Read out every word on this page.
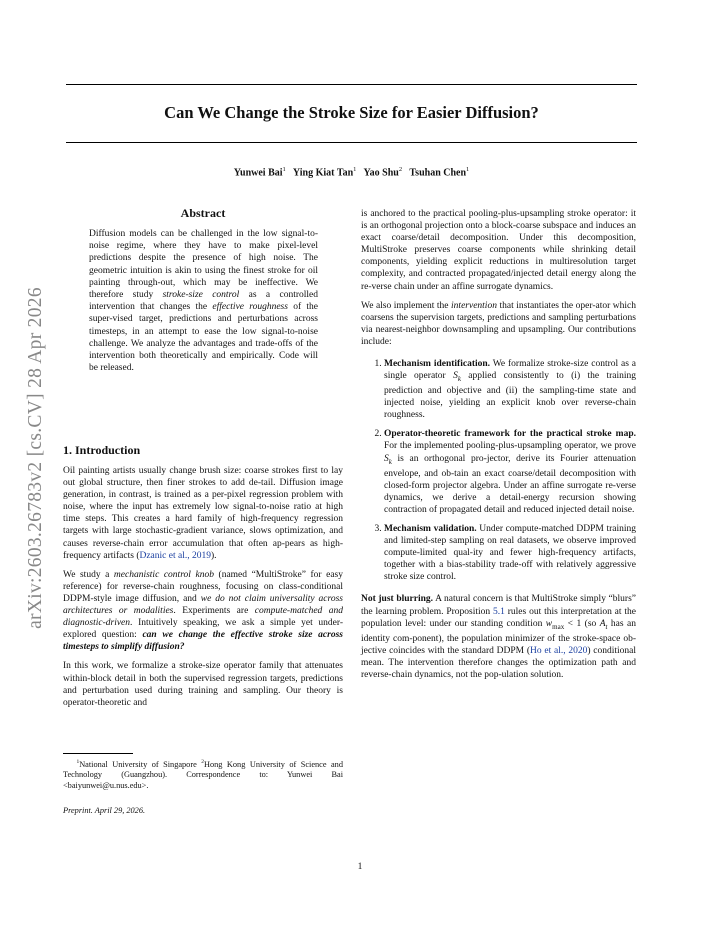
arXiv:2603.26783v2 [cs.CV] 28 Apr 2026
Can We Change the Stroke Size for Easier Diffusion?
Yunwei Bai$^1$ Ying Kiat Tan$^1$ Yao Shu$^2$ Tsuhan Chen$^1$
Abstract
Diffusion models can be challenged in the low signal-to-noise regime, where they have to make pixel-level predictions despite the presence of high noise. The geometric intuition is akin to using the finest stroke for oil painting through-out, which may be ineffective. We therefore study stroke-size control as a controlled intervention that changes the effective roughness of the super-vised target, predictions and perturbations across timesteps, in an attempt to ease the low signal-to-noise challenge. We analyze the advantages and trade-offs of the intervention both theoretically and empirically. Code will be released.
1. Introduction

Oil painting artists usually change brush size: coarse strokes first to lay out global structure, then finer strokes to add de-tail. Diffusion image generation, in contrast, is trained as a per-pixel regression problem with noise, where the input has extremely low signal-to-noise ratio at high time steps. This creates a hard family of high-frequency regression targets with large stochastic-gradient variance, slows optimization, and causes reverse-chain error accumulation that often ap-pears as high-frequency artifacts (Dzanic et al., 2019).

We study a mechanistic control knob (named “MultiStroke” for easy reference) for reverse-chain roughness, focusing on class-conditional DDPM-style image diffusion, and we do not claim universality across architectures or modalities. Experiments are compute-matched and diagnostic-driven. Intuitively speaking, we ask a simple yet under-explored question: can we change the effective stroke size across timesteps to simplify diffusion?

In this work, we formalize a stroke-size operator family that attenuates within-block detail in both the supervised regression targets, predictions and perturbation used during training and sampling. Our theory is operator-theoretic and

$^1$National University of Singapore $^2$Hong Kong University of Science and Technology (Guangzhou). Correspondence to: Yunwei Bai <baiyunwei@u.nus.edu>.
Preprint. April 29, 2026.

is anchored to the practical pooling-plus-upsampling stroke operator: it is an orthogonal projection onto a block-coarse subspace and induces an exact coarse/detail decomposition. Under this decomposition, MultiStroke preserves coarse components while shrinking detail components, yielding explicit reductions in multiresolution target complexity, and contracted propagated/injected detail energy along the re-verse chain under an affine surrogate dynamics.

We also implement the intervention that instantiates the oper-ator which coarsens the supervision targets, predictions and sampling perturbations via nearest-neighbor downsampling and upsampling. Our contributions include:

1. Mechanism identification. We formalize stroke-size control as a single operator $S_k$ applied consistently to (i) the training prediction and objective and (ii) the sampling-time state and injected noise, yielding an explicit knob over reverse-chain roughness.
2. Operator-theoretic framework for the practical stroke map. For the implemented pooling-plus-upsampling operator, we prove $S_k$ is an orthogonal pro-jector, derive its Fourier attenuation envelope, and ob-tain an exact coarse/detail decomposition with closed-form projector algebra. Under an affine surrogate re-verse dynamics, we derive a detail-energy recursion showing contraction of propagated detail and reduced injected detail noise.
3. Mechanism validation. Under compute-matched DDPM training and limited-step sampling on real datasets, we observe improved compute-limited qual-ity and fewer high-frequency artifacts, together with a bias-stability trade-off with relatively aggressive stroke size control.

Not just blurring. A natural concern is that MultiStroke simply “blurs” the learning problem. Proposition 5.1 rules out this interpretation at the population level: under our standing condition $w_{max} < 1$ (so $A_t$ has an identity com-ponent), the population minimizer of the stroke-space ob-jective coincides with the standard DDPM (Ho et al., 2020) conditional mean. The intervention therefore changes the optimization path and reverse-chain dynamics, not the pop-ulation solution.

1
